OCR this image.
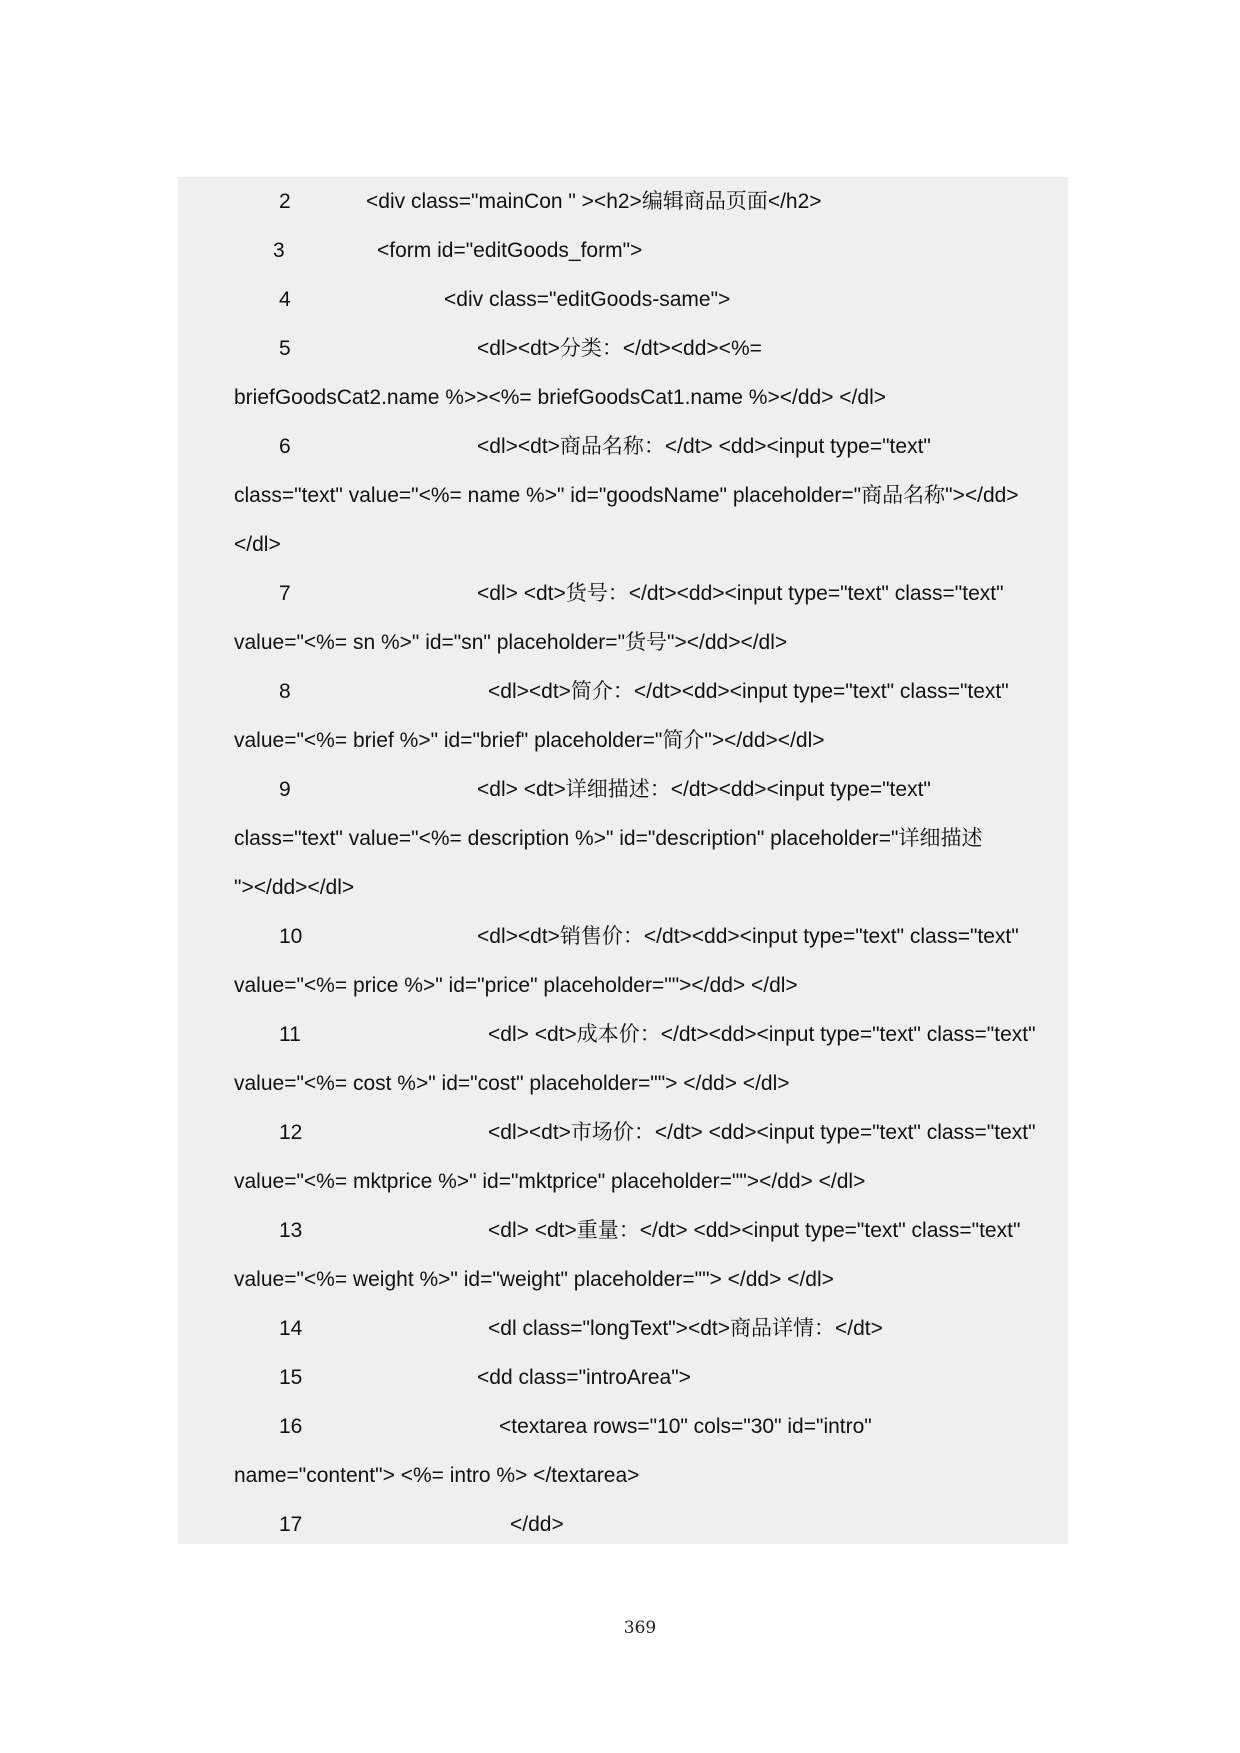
2	<div class="mainCon " ><h2>编辑商品页面</h2>
3	<form id="editGoods_form">
4	<div class="editGoods-same">
5	<dl><dt>分类：</dt><dd><%=
briefGoodsCat2.name %>><%= briefGoodsCat1.name %></dd> </dl>
6	<dl><dt>商品名称：</dt> <dd><input type="text"
class="text" value="<%= name %>" id="goodsName" placeholder="商品名称"></dd>
</dl>
7	<dl> <dt>货号：</dt><dd><input type="text" class="text"
value="<%= sn %>" id="sn" placeholder="货号"></dd></dl>
8	<dl><dt>简介：</dt><dd><input type="text" class="text"
value="<%= brief %>" id="brief" placeholder="简介"></dd></dl>
9	<dl> <dt>详细描述：</dt><dd><input type="text"
class="text" value="<%= description %>" id="description" placeholder="详细描述
"></dd></dl>
10	<dl><dt>销售价：</dt><dd><input type="text" class="text"
value="<%= price %>" id="price" placeholder=""></dd> </dl>
11	<dl> <dt>成本价：</dt><dd><input type="text" class="text"
value="<%= cost %>" id="cost" placeholder=""> </dd> </dl>
12	<dl><dt>市场价：</dt> <dd><input type="text" class="text"
value="<%= mktprice %>" id="mktprice" placeholder=""></dd> </dl>
13	<dl> <dt>重量：</dt> <dd><input type="text" class="text"
value="<%= weight %>" id="weight" placeholder=""> </dd> </dl>
14	<dl class="longText"><dt>商品详情：</dt>
15	<dd class="introArea">
16	<textarea rows="10" cols="30" id="intro"
name="content"> <%= intro %> </textarea>
17	</dd>
369
